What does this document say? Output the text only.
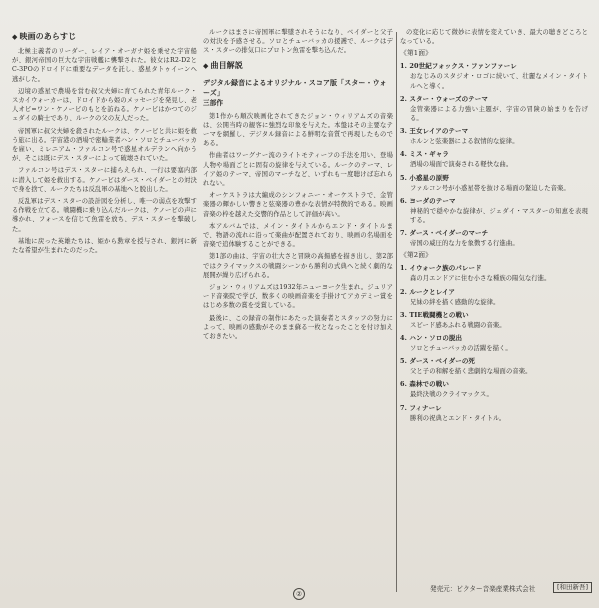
◆ 映画のあらすじ

北極主義者のリーダー、レイア・オーガナ姫を乗せた宇宙船が、銀河帝国の巨大な宇宙戦艦に襲撃された。彼女はR2-D2とC-3POのドロイドに重要なデータを託し、惑星タトゥイーンへ逃がした。

辺境の惑星で農場を営む叔父夫婦に育てられた青年ルーク・スカイウォーカーは、ドロイドから姫のメッセージを発見し、老人オビ=ワン・ケノービのもとを訪ねる。ケノービはかつてのジェダイの騎士であり、ルークの父の友人だった。

帝国軍に叔父夫婦を殺されたルークは、ケノービと共に姫を救う旅に出る。宇宙港の酒場で密輸業者ハン・ソロとチューバッカを雇い、ミレニアム・ファルコン号で惑星オルデランへ向かうが、そこは既にデス・スターによって破壊されていた。

ファルコン号はデス・スターに捕らえられ、一行は要塞内部に潜入して姫を救出する。ケノービはダース・ベイダーとの対決で身を捨て、ルークたちは反乱軍の基地へと脱出した。

反乱軍はデス・スターの設計図を分析し、唯一の弱点を攻撃する作戦を立てる。戦闘機に乗り込んだルークは、ケノービの声に導かれ、フォースを信じて魚雷を放ち、デス・スターを撃破した。

基地に戻った英雄たちは、姫から勲章を授与され、銀河に新たな希望が生まれたのだった。

ルークはまさに帝国軍に撃墜されそうになり、ベイダーと父子の対決を予感させる。ソロとチューバッカの援護で、ルークはデス・スターの排気口にプロトン魚雷を撃ち込んだ。

◆ 曲目解説
デジタル録音によるオリジナル・スコア版「スター・ウォーズ」
三部作

第1作から順次映画化されてきたジョン・ウィリアムズの音楽は、公開当時の観客に強烈な印象を与えた。本盤はその主要なテーマを網羅し、デジタル録音による鮮明な音質で再現したものである。

作曲者はワーグナー流のライトモティーフの手法を用い、登場人物や場面ごとに固有の旋律を与えている。ルークのテーマ、レイア姫のテーマ、帝国のマーチなど、いずれも一度聴けば忘れられない。

オーケストラは大編成のシンフォニー・オーケストラで、金管楽器の輝かしい響きと弦楽器の豊かな表情が特徴的である。映画音楽の枠を越えた交響的作品として評価が高い。

本アルバムでは、メイン・タイトルからエンド・タイトルまで、物語の流れに沿って楽曲が配置されており、映画の名場面を音楽で追体験することができる。

第1部の曲は、宇宙の壮大さと冒険の高揚感を描き出し、第2部ではクライマックスの戦闘シーンから勝利の式典へと続く劇的な展開が繰り広げられる。

ジョン・ウィリアムズは1932年ニューヨーク生まれ。ジュリアード音楽院で学び、数多くの映画音楽を手掛けてアカデミー賞をはじめ多数の賞を受賞している。

最後に、この録音の制作にあたった演奏者とスタッフの努力によって、映画の感動がそのまま蘇る一枚となったことを付け加えておきたい。

の変化に応じて微妙に表情を変えていき、最大の聴きどころとなっている。

《第1面》
1. 20世紀フォックス・ファンファーレ

おなじみのスタジオ・ロゴに続いて、壮麗なメイン・タイトルへと導く。

2. スター・ウォーズのテーマ

金管楽器による力強い主題が、宇宙の冒険の始まりを告げる。

3. 王女レイアのテーマ

ホルンと弦楽器による叙情的な旋律。

4. ミス・ギャラ

酒場の場面で演奏される軽快な曲。

5. 小惑星の原野

ファルコン号が小惑星帯を抜ける場面の緊迫した音楽。

6. ヨーダのテーマ

神秘的で穏やかな旋律が、ジェダイ・マスターの知恵を表現する。

7. ダース・ベイダーのマーチ

帝国の威圧的な力を象徴する行進曲。

《第2面》
1. イウォーク族のパレード

森の月エンドアに住む小さな種族の陽気な行進。

2. ルークとレイア

兄妹の絆を描く感動的な旋律。

3. TIE戦闘機との戦い

スピード感あふれる戦闘の音楽。

4. ハン・ソロの脱出

ソロとチューバッカの活躍を描く。

5. ダース・ベイダーの死

父と子の和解を描く悲劇的な場面の音楽。

6. 森林での戦い

最終決戦のクライマックス。

7. フィナーレ

勝利の祝典とエンド・タイトル。

[和田新吾]
発売元：ビクター音楽産業株式会社
②
